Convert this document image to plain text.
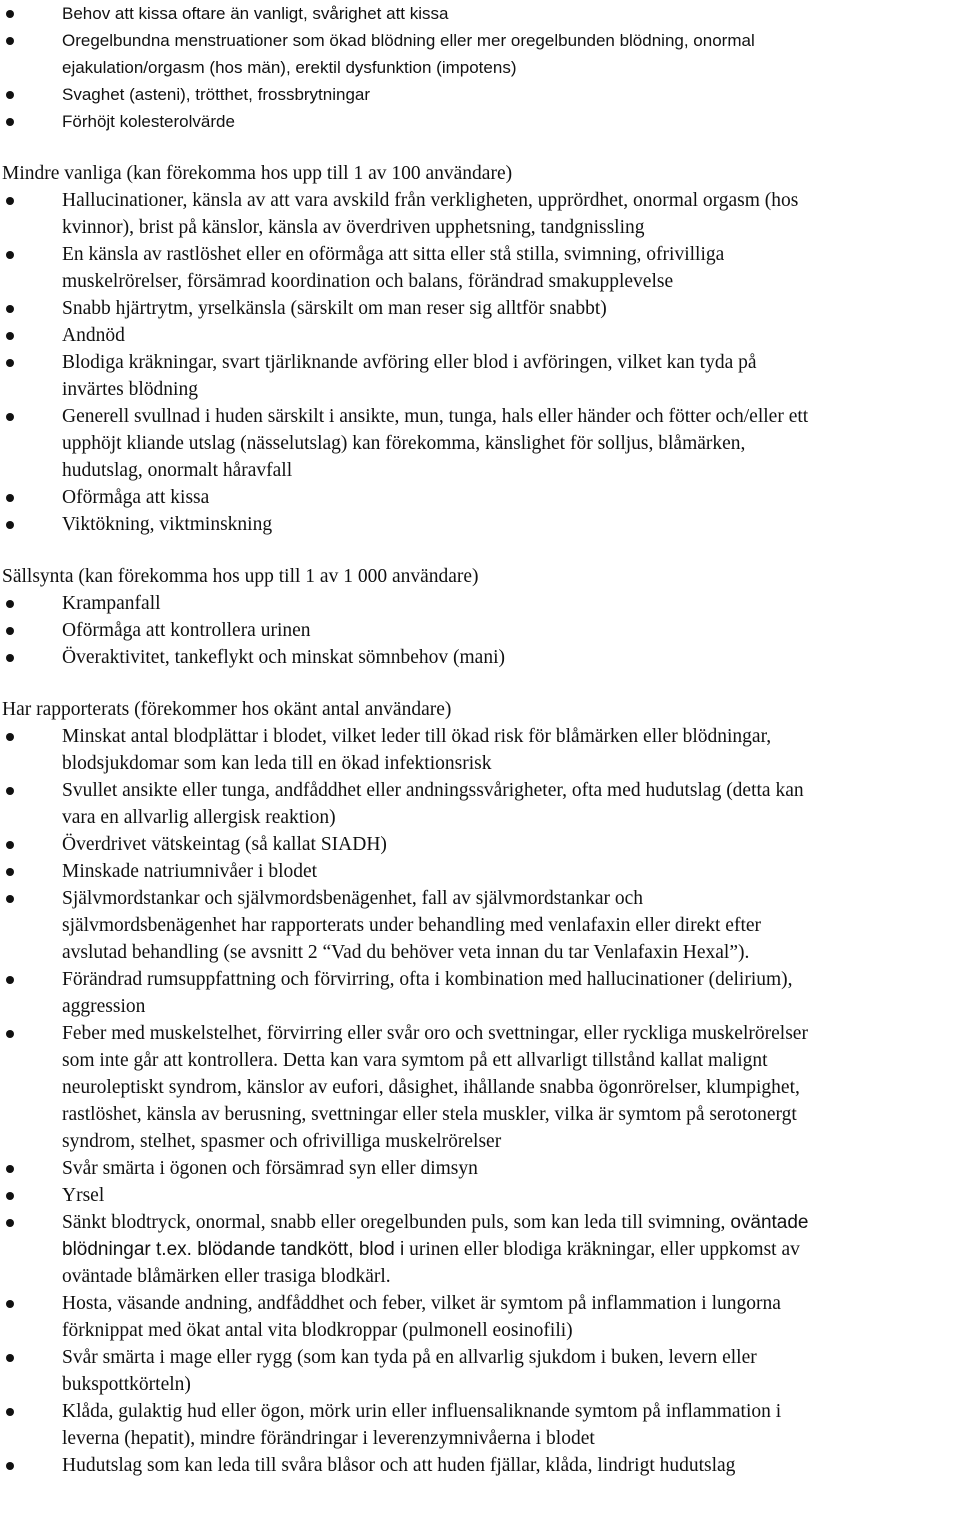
Behov att kissa oftare än vanligt, svårighet att kissa
Oregelbundna menstruationer som ökad blödning eller mer oregelbunden blödning, onormal
ejakulation/orgasm (hos män), erektil dysfunktion (impotens)
Svaghet (asteni), trötthet, frossbrytningar
Förhöjt kolesterolvärde
Mindre vanliga (kan förekomma hos upp till 1 av 100 användare)
Hallucinationer, känsla av att vara avskild från verkligheten, upprördhet, onormal orgasm (hos
kvinnor), brist på känslor, känsla av överdriven upphetsning, tandgnissling
En känsla av rastlöshet eller en oförmåga att sitta eller stå stilla, svimning, ofrivilliga
muskelrörelser, försämrad koordination och balans, förändrad smakupplevelse
Snabb hjärtrytm, yrselkänsla (särskilt om man reser sig alltför snabbt)
Andnöd
Blodiga kräkningar, svart tjärliknande avföring eller blod i avföringen, vilket kan tyda på
invärtes blödning
Generell svullnad i huden särskilt i ansikte, mun, tunga, hals eller händer och fötter och/eller ett
upphöjt kliande utslag (nässelutslag) kan förekomma, känslighet för solljus, blåmärken,
hudutslag, onormalt håravfall
Oförmåga att kissa
Viktökning, viktminskning
Sällsynta (kan förekomma hos upp till 1 av 1 000 användare)
Krampanfall
Oförmåga att kontrollera urinen
Överaktivitet, tankeflykt och minskat sömnbehov (mani)
Har rapporterats (förekommer hos okänt antal användare)
Minskat antal blodplättar i blodet, vilket leder till ökad risk för blåmärken eller blödningar,
blodsjukdomar som kan leda till en ökad infektionsrisk
Svullet ansikte eller tunga, andfåddhet eller andningssvårigheter, ofta med hudutslag (detta kan
vara en allvarlig allergisk reaktion)
Överdrivet vätskeintag (så kallat SIADH)
Minskade natriumnivåer i blodet
Självmordstankar och självmordsbenägenhet, fall av självmordstankar och
självmordsbenägenhet har rapporterats under behandling med venlafaxin eller direkt efter
avslutad behandling (se avsnitt 2 “Vad du behöver veta innan du tar Venlafaxin Hexal”).
Förändrad rumsuppfattning och förvirring, ofta i kombination med hallucinationer (delirium),
aggression
Feber med muskelstelhet, förvirring eller svår oro och svettningar, eller ryckliga muskelrörelser
som inte går att kontrollera. Detta kan vara symtom på ett allvarligt tillstånd kallat malignt
neuroleptiskt syndrom, känslor av eufori, dåsighet, ihållande snabba ögonrörelser, klumpighet,
rastlöshet, känsla av berusning, svettningar eller stela muskler, vilka är symtom på serotonergt
syndrom, stelhet, spasmer och ofrivilliga muskelrörelser
Svår smärta i ögonen och försämrad syn eller dimsyn
Yrsel
Sänkt blodtryck, onormal, snabb eller oregelbunden puls, som kan leda till svimning, oväntade
blödningar t.ex. blödande tandkött, blod i urinen eller blodiga kräkningar, eller uppkomst av
oväntade blåmärken eller trasiga blodkärl.
Hosta, väsande andning, andfåddhet och feber, vilket är symtom på inflammation i lungorna
förknippat med ökat antal vita blodkroppar (pulmonell eosinofili)
Svår smärta i mage eller rygg (som kan tyda på en allvarlig sjukdom i buken, levern eller
bukspottkörteln)
Klåda, gulaktig hud eller ögon, mörk urin eller influensaliknande symtom på inflammation i
leverna (hepatit), mindre förändringar i leverenzymnivåerna i blodet
Hudutslag som kan leda till svåra blåsor och att huden fjällar, klåda, lindrigt hudutslag
